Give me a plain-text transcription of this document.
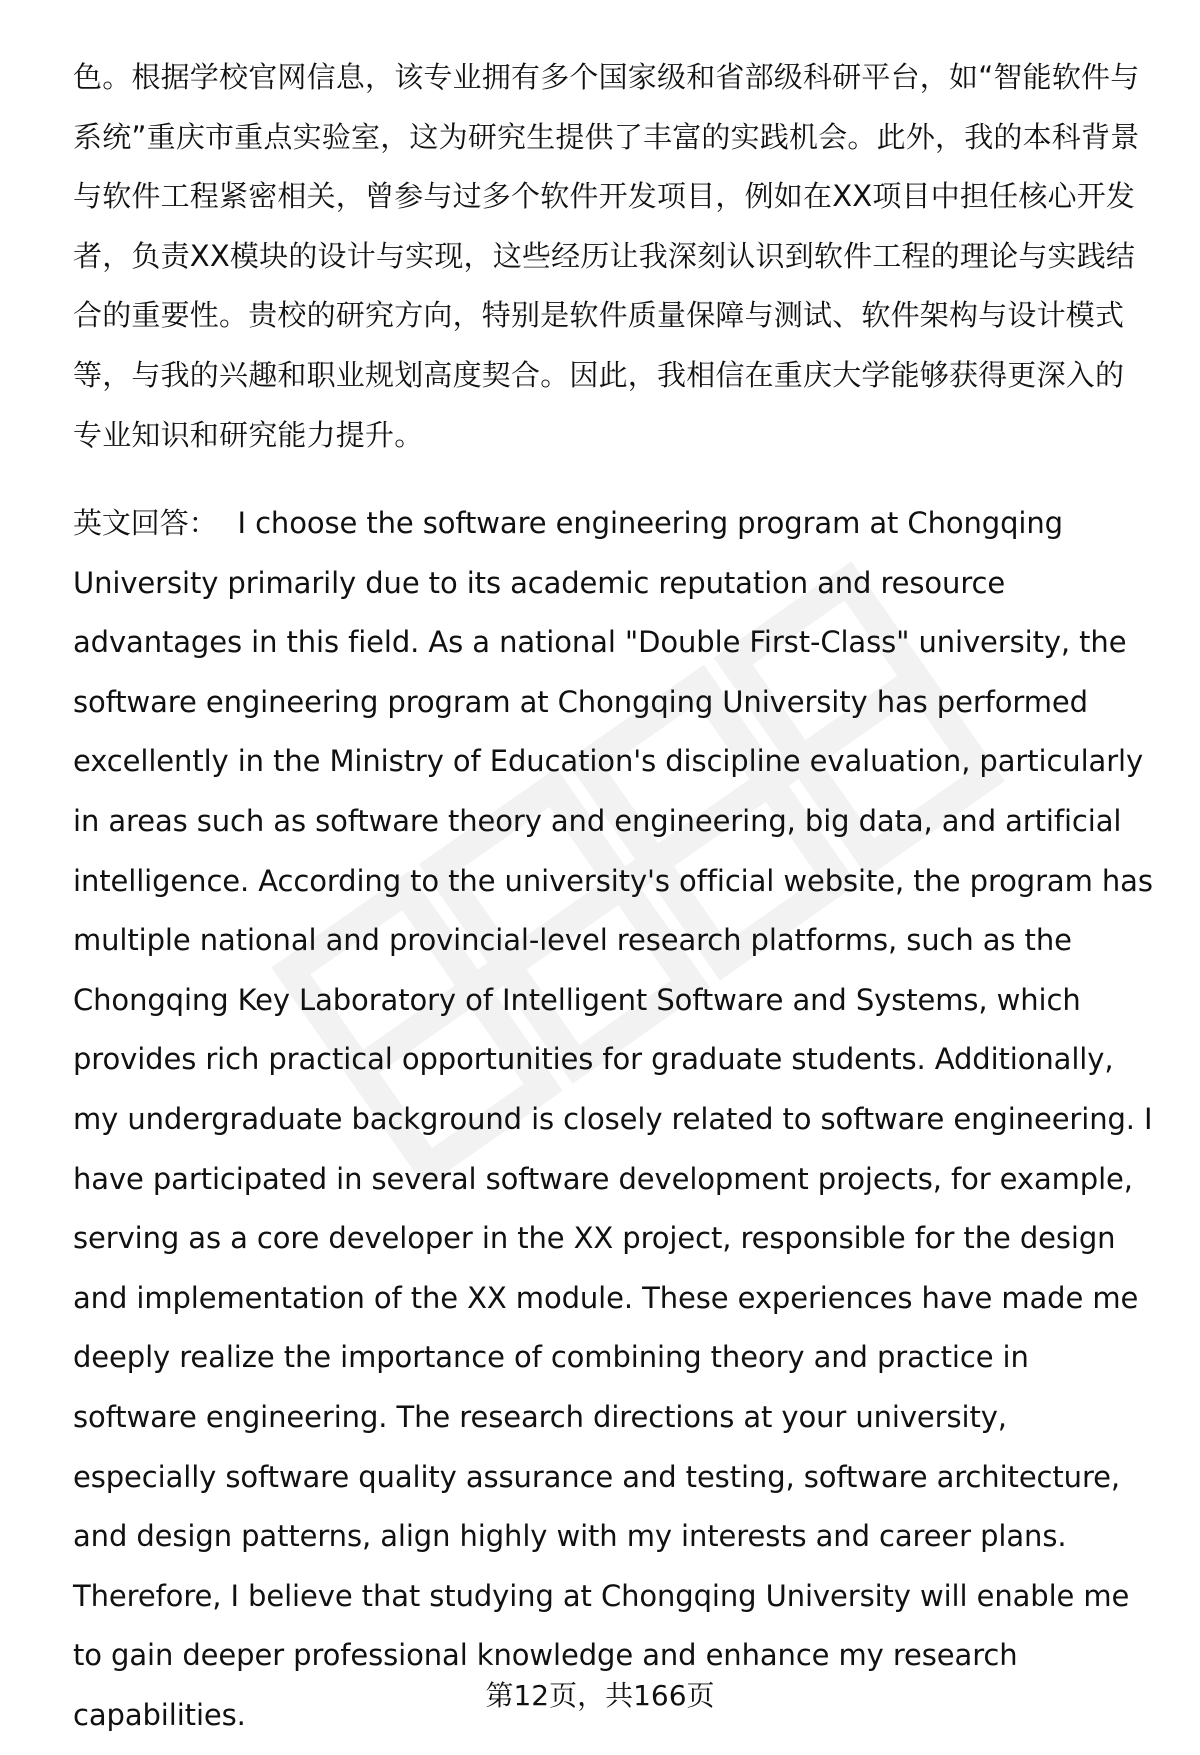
色。根据学校官网信息，该专业拥有多个国家级和省部级科研平台，如“智能软件与系统”重庆市重点实验室，这为研究生提供了丰富的实践机会。此外，我的本科背景与软件工程紧密相关，曾参与过多个软件开发项目，例如在XX项目中担任核心开发者，负责XX模块的设计与实现，这些经历让我深刻认识到软件工程的理论与实践结合的重要性。贵校的研究方向，特别是软件质量保障与测试、软件架构与设计模式等，与我的兴趣和职业规划高度契合。因此，我相信在重庆大学能够获得更深入的专业知识和研究能力提升。

英文回答： I choose the software engineering program at Chongqing University primarily due to its academic reputation and resource advantages in this field. As a national "Double First-Class" university, the software engineering program at Chongqing University has performed excellently in the Ministry of Education's discipline evaluation, particularly in areas such as software theory and engineering, big data, and artificial intelligence. According to the university's official website, the program has multiple national and provincial-level research platforms, such as the Chongqing Key Laboratory of Intelligent Software and Systems, which provides rich practical opportunities for graduate students. Additionally, my undergraduate background is closely related to software engineering. I have participated in several software development projects, for example, serving as a core developer in the XX project, responsible for the design and implementation of the XX module. These experiences have made me deeply realize the importance of combining theory and practice in software engineering. The research directions at your university, especially software quality assurance and testing, software architecture, and design patterns, align highly with my interests and career plans. Therefore, I believe that studying at Chongqing University will enable me to gain deeper professional knowledge and enhance my research capabilities.

第12页，共166页
